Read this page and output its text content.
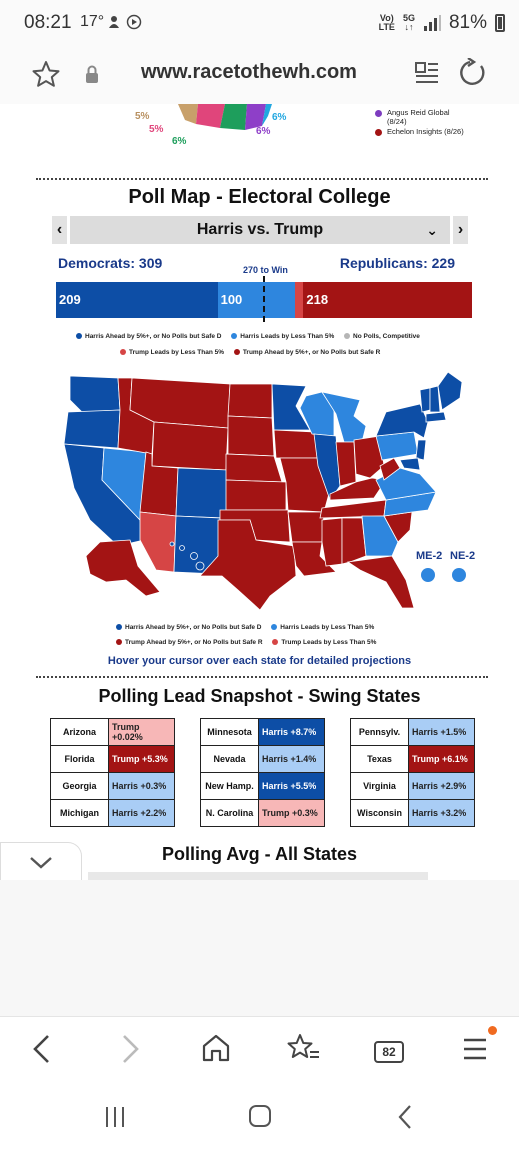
08:21 17°	Vo)
LTE
5G
↓↑ 81%
www.racetothewh.com
5%
5%
6%
6%
6%	Angus Reid Global
(8/24)
Echelon Insights (8/26)
Poll Map - Electoral College
‹	Harris vs. Trump	⌄	›
Democrats: 309	270 to Win	Republicans: 229
209	100	218
Harris Ahead by 5%+, or No Polls but Safe D	Harris Leads by Less Than 5%	No Polls, Competitive
Trump Leads by Less Than 5%	Trump Ahead by 5%+, or No Polls but Safe R
ME-2 NE-2
Harris Ahead by 5%+, or No Polls but Safe D	Harris Leads by Less Than 5%
Trump Ahead by 5%+, or No Polls but Safe R	Trump Leads by Less Than 5%
Hover your cursor over each state for detailed projections
Polling Lead Snapshot - Swing States
Arizona	Trump +0.02%
Florida	Trump +5.3%
Georgia	Harris +0.3%
Michigan	Harris +2.2%
Minnesota	Harris +8.7%
Nevada	Harris +1.4%
New Hamp.	Harris +5.5%
N. Carolina	Trump +0.3%
Pennsylv.	Harris +1.5%
Texas	Trump +6.1%
Virginia	Harris +2.9%
Wisconsin	Harris +3.2%
Polling Avg - All States
82
